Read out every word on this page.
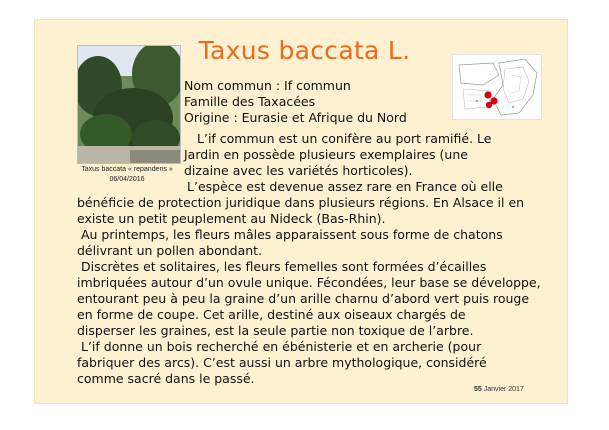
Taxus baccata L.
Taxus baccata « repandens »
06/04/2016
Nom commun : If commun
Famille des Taxacées
Origine : Eurasie et Afrique du Nord
L’if commun est un conifère au port ramifié. Le
Jardin en possède plusieurs exemplaires (une
dizaine avec les variétés horticoles).
L’espèce est devenue assez rare en France où elle
bénéficie de protection juridique dans plusieurs régions. En Alsace il en
existe un petit peuplement au Nideck (Bas-Rhin).
Au printemps, les fleurs mâles apparaissent sous forme de chatons
délivrant un pollen abondant.
Discrètes et solitaires, les fleurs femelles sont formées d’écailles
imbriquées autour d’un ovule unique. Fécondées, leur base se développe,
entourant peu à peu la graine d’un arille charnu d’abord vert puis rouge
en forme de coupe. Cet arille, destiné aux oiseaux chargés de
disperser les graines, est la seule partie non toxique de l’arbre.
L’if donne un bois recherché en ébénisterie et en archerie (pour
fabriquer des arcs). C’est aussi un arbre mythologique, considéré
comme sacré dans le passé.
55 Janvier 2017
